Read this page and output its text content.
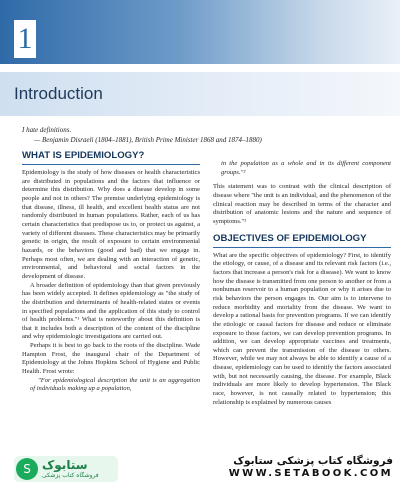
1
Introduction
I hate definitions.
— Benjamin Disraeli (1804–1881), British Prime Minister 1868 and 1874–1880)
WHAT IS EPIDEMIOLOGY?

Epidemiology is the study of how diseases or health characteristics are distributed in populations and the factors that influence or determine this distribution. Why does a disease develop in some people and not in others? The premise underlying epidemiology is that disease, illness, ill health, and excellent health status are not randomly distributed in human populations. Rather, each of us has certain characteristics that predispose us to, or protect us against, a variety of different diseases. These characteristics may be primarily genetic in origin, the result of exposure to certain environmental hazards, or the behaviors (good and bad) that we engage in. Perhaps most often, we are dealing with an interaction of genetic, environmental, and behavioral and social factors in the development of disease.

A broader definition of epidemiology than that given previously has been widely accepted. It defines epidemiology as "the study of the distribution and determinants of health-related states or events in specified populations and the application of this study to control of health problems."¹ What is noteworthy about this definition is that it includes both a description of the content of the discipline and why epidemiologic investigations are carried out.

Perhaps it is best to go back to the roots of the discipline. Wade Hampton Frost, the inaugural chair of the Department of Epidemiology at the Johns Hopkins School of Hygiene and Public Health. Frost wrote:

"For epidemiological description the unit is an aggregation of individuals making up a population,

in the population as a whole and in its different component groups."²

This statement was to contrast with the clinical description of disease where "the unit is an individual, and the phenomenon of the clinical reaction may be described in terms of the character and distribution of anatomic lesions and the nature and sequence of symptoms."²

OBJECTIVES OF EPIDEMIOLOGY

What are the specific objectives of epidemiology? First, to identify the etiology, or cause, of a disease and its relevant risk factors (i.e., factors that increase a person's risk for a disease). We want to know how the disease is transmitted from one person to another or from a nonhuman reservoir to a human population or why it arises due to risk behaviors the person engages in. Our aim is to intervene to reduce morbidity and mortality from the disease. We want to develop a rational basis for prevention programs. If we can identify the etiologic or causal factors for disease and reduce or eliminate exposure to those factors, we can develop prevention programs. In addition, we can develop appropriate vaccines and treatments, which can prevent the transmission of the disease to others. However, while we may not always be able to identify a cause of a disease, epidemiology can be used to identify the factors associated with, but not necessarily causing, the disease. For example, Black individuals are more likely to develop hypertension. The Black race, however, is not causally related to hypertension; this relationship is explained by numerous causes

S ستابوک
فروشگاه کتاب پزشکی
فروشگاه کتاب پزشکی ستابوک
WWW.SETABOOK.COM
